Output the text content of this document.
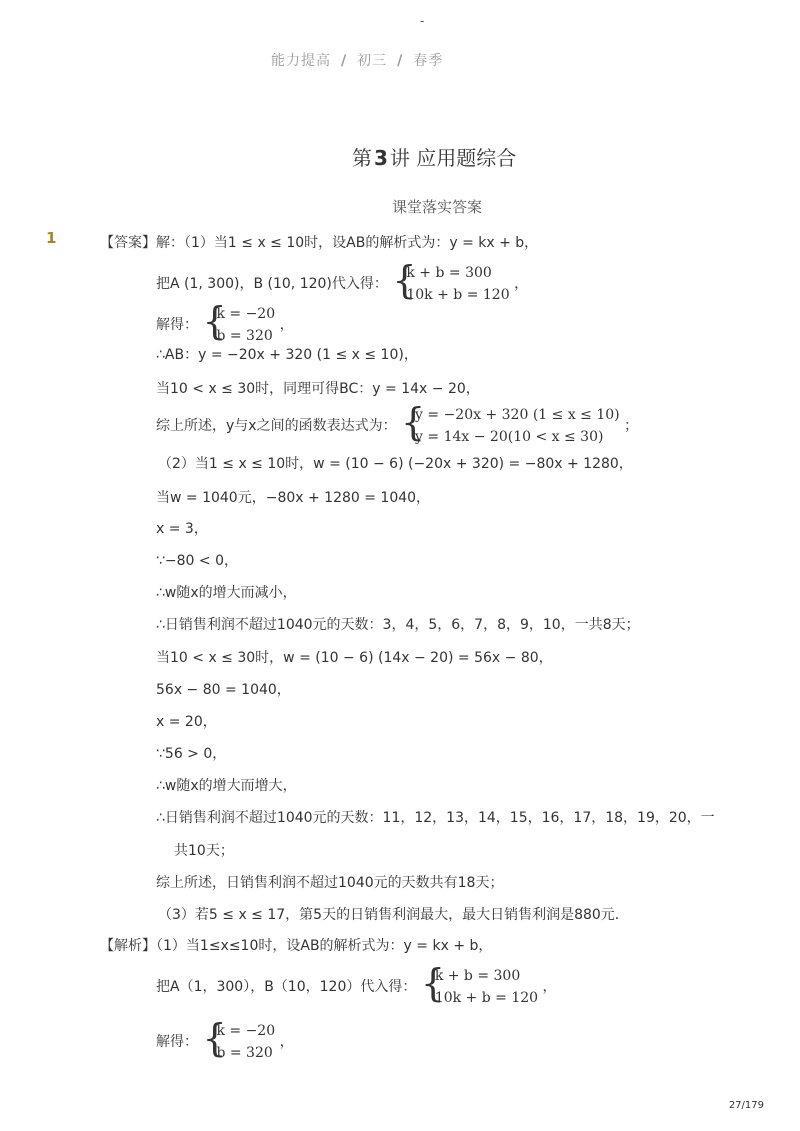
-
能力提高 / 初三 / 春季
第 3 讲 应用题综合
课堂落实答案
1	【答案】解：（1）当1 ≤ x ≤ 10时，设AB的解析式为：y = kx + b，
把A (1, 300)，B (10, 120)代入得： {
k + b = 300
10k + b = 120
，
解得： {
k = −20
b = 320
，
∴AB：y = −20x + 320 (1 ≤ x ≤ 10)，
当10 < x ≤ 30时，同理可得BC：y = 14x − 20，
综上所述，y与x之间的函数表达式为： {
y = −20x + 320 (1 ≤ x ≤ 10)
y = 14x − 20(10 < x ≤ 30)
；
（2）当1 ≤ x ≤ 10时，w = (10 − 6) (−20x + 320) = −80x + 1280，
当w = 1040元，−80x + 1280 = 1040，
x = 3，
∵−80 < 0，
∴w随x的增大而减小，
∴日销售利润不超过1040元的天数：3，4，5，6，7，8，9，10，一共8天；
当10 < x ≤ 30时，w = (10 − 6) (14x − 20) = 56x − 80，
56x − 80 = 1040，
x = 20，
∵56 > 0，
∴w随x的增大而增大，
∴日销售利润不超过1040元的天数：11，12，13，14，15，16，17，18，19，20，一
共10天；
综上所述，日销售利润不超过1040元的天数共有18天；
（3）若5 ≤ x ≤ 17，第5天的日销售利润最大，最大日销售利润是880元．
【解析】（1）当1≤x≤10时，设AB的解析式为：y = kx + b，
把A（1，300），B（10，120）代入得： {
k + b = 300
10k + b = 120
，
解得： {
k = −20
b = 320
，
27/179
